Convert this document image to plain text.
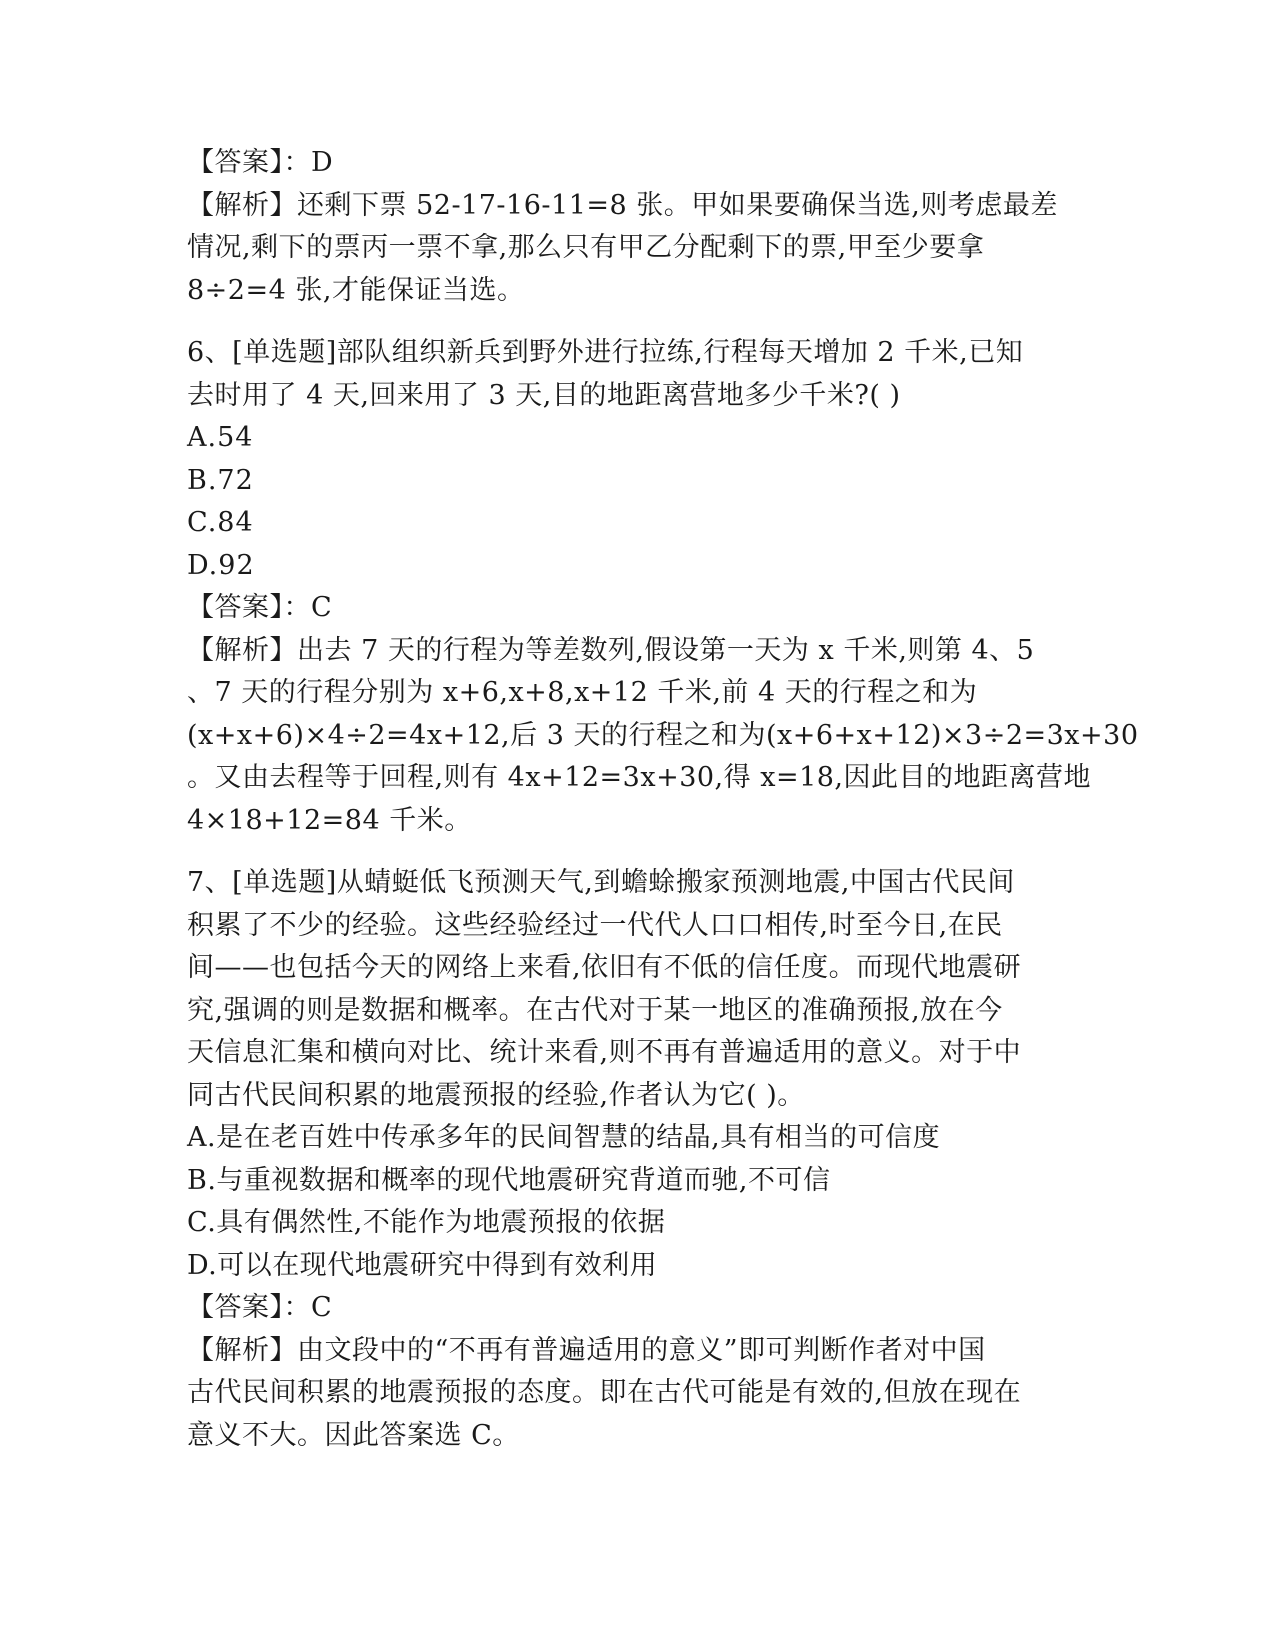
【答案】：D
【解析】还剩下票 52-17-16-11=8 张。甲如果要确保当选,则考虑最差
情况,剩下的票丙一票不拿,那么只有甲乙分配剩下的票,甲至少要拿
8÷2=4 张,才能保证当选。
6、[单选题]部队组织新兵到野外进行拉练,行程每天增加 2 千米,已知
去时用了 4 天,回来用了 3 天,目的地距离营地多少千米?( )
A.54
B.72
C.84
D.92
【答案】：C
【解析】出去 7 天的行程为等差数列,假设第一天为 x 千米,则第 4、5
、7 天的行程分别为 x+6,x+8,x+12 千米,前 4 天的行程之和为
(x+x+6)×4÷2=4x+12,后 3 天的行程之和为(x+6+x+12)×3÷2=3x+30
。又由去程等于回程,则有 4x+12=3x+30,得 x=18,因此目的地距离营地
4×18+12=84 千米。
7、[单选题]从蜻蜓低飞预测天气,到蟾蜍搬家预测地震,中国古代民间
积累了不少的经验。这些经验经过一代代人口口相传,时至今日,在民
间——也包括今天的网络上来看,依旧有不低的信任度。而现代地震研
究,强调的则是数据和概率。在古代对于某一地区的准确预报,放在今
天信息汇集和横向对比、统计来看,则不再有普遍适用的意义。对于中
同古代民间积累的地震预报的经验,作者认为它( )。
A.是在老百姓中传承多年的民间智慧的结晶,具有相当的可信度
B.与重视数据和概率的现代地震研究背道而驰,不可信
C.具有偶然性,不能作为地震预报的依据
D.可以在现代地震研究中得到有效利用
【答案】：C
【解析】由文段中的“不再有普遍适用的意义”即可判断作者对中国
古代民间积累的地震预报的态度。即在古代可能是有效的,但放在现在
意义不大。因此答案选 C。
